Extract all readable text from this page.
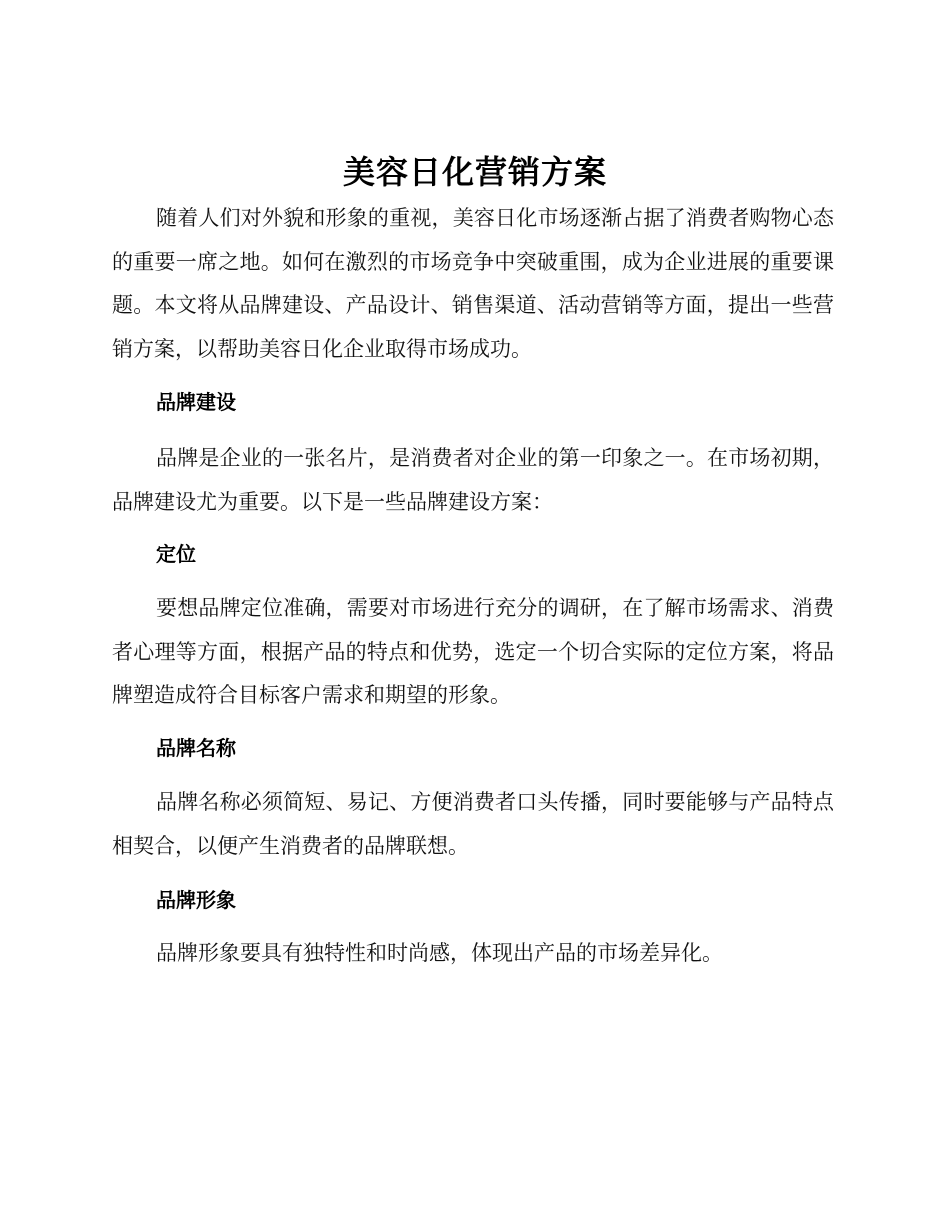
美容日化营销方案

随着人们对外貌和形象的重视，美容日化市场逐渐占据了消费者购物心态的重要一席之地。如何在激烈的市场竞争中突破重围，成为企业进展的重要课题。本文将从品牌建设、产品设计、销售渠道、活动营销等方面，提出一些营销方案，以帮助美容日化企业取得市场成功。

品牌建设

品牌是企业的一张名片，是消费者对企业的第一印象之一。在市场初期，品牌建设尤为重要。以下是一些品牌建设方案：

定位

要想品牌定位准确，需要对市场进行充分的调研，在了解市场需求、消费者心理等方面，根据产品的特点和优势，选定一个切合实际的定位方案，将品牌塑造成符合目标客户需求和期望的形象。

品牌名称

品牌名称必须简短、易记、方便消费者口头传播，同时要能够与产品特点相契合，以便产生消费者的品牌联想。

品牌形象

品牌形象要具有独特性和时尚感，体现出产品的市场差异化。
